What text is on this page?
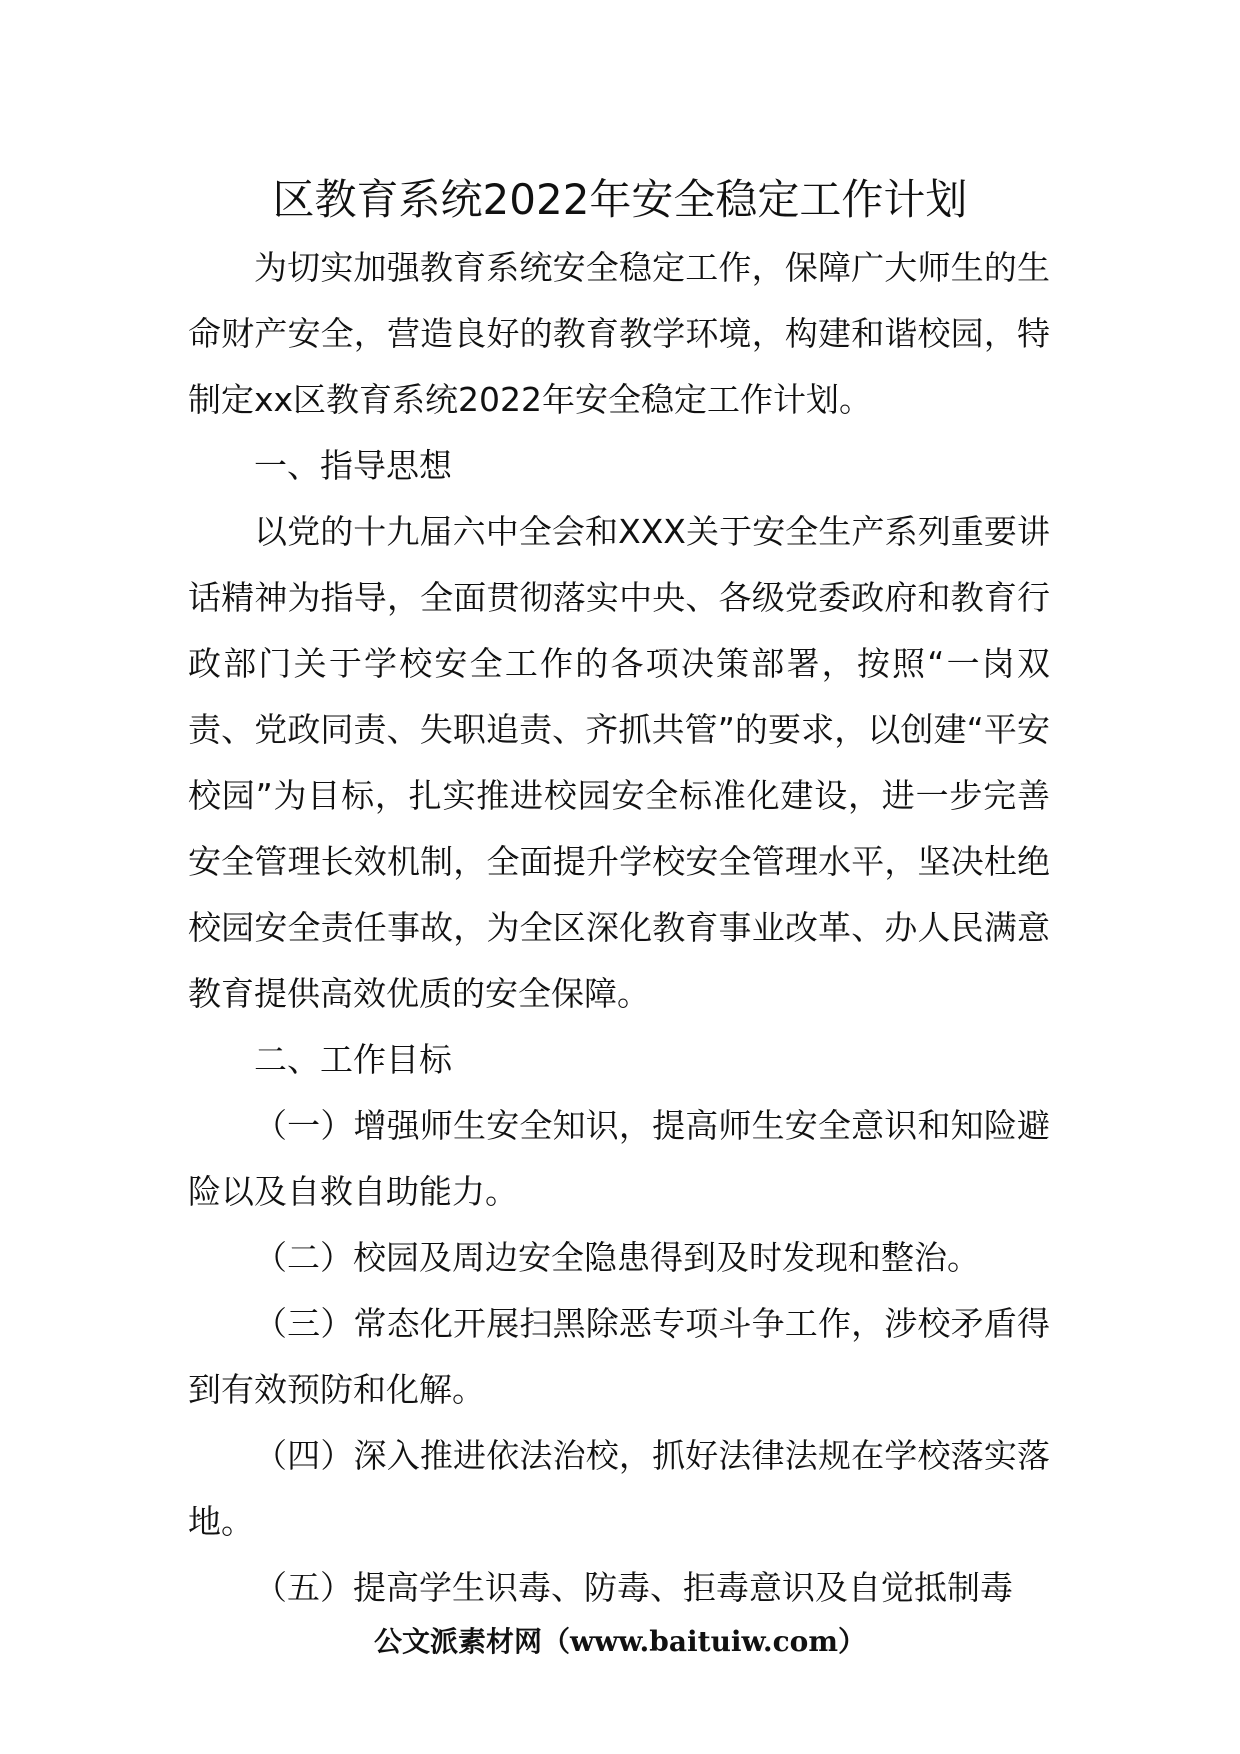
区教育系统2022年安全稳定工作计划

为切实加强教育系统安全稳定工作，保障广大师生的生命财产安全，营造良好的教育教学环境，构建和谐校园，特制定xx区教育系统2022年安全稳定工作计划。

一、指导思想

以党的十九届六中全会和XXX关于安全生产系列重要讲话精神为指导，全面贯彻落实中央、各级党委政府和教育行政部门关于学校安全工作的各项决策部署，按照“一岗双责、党政同责、失职追责、齐抓共管”的要求，以创建“平安校园”为目标，扎实推进校园安全标准化建设，进一步完善安全管理长效机制，全面提升学校安全管理水平，坚决杜绝校园安全责任事故，为全区深化教育事业改革、办人民满意教育提供高效优质的安全保障。

二、工作目标

（一）增强师生安全知识，提高师生安全意识和知险避险以及自救自助能力。

（二）校园及周边安全隐患得到及时发现和整治。

（三）常态化开展扫黑除恶专项斗争工作，涉校矛盾得到有效预防和化解。

（四）深入推进依法治校，抓好法律法规在学校落实落地。

（五）提高学生识毒、防毒、拒毒意识及自觉抵制毒

公文派素材网（www.baituiw.com）
